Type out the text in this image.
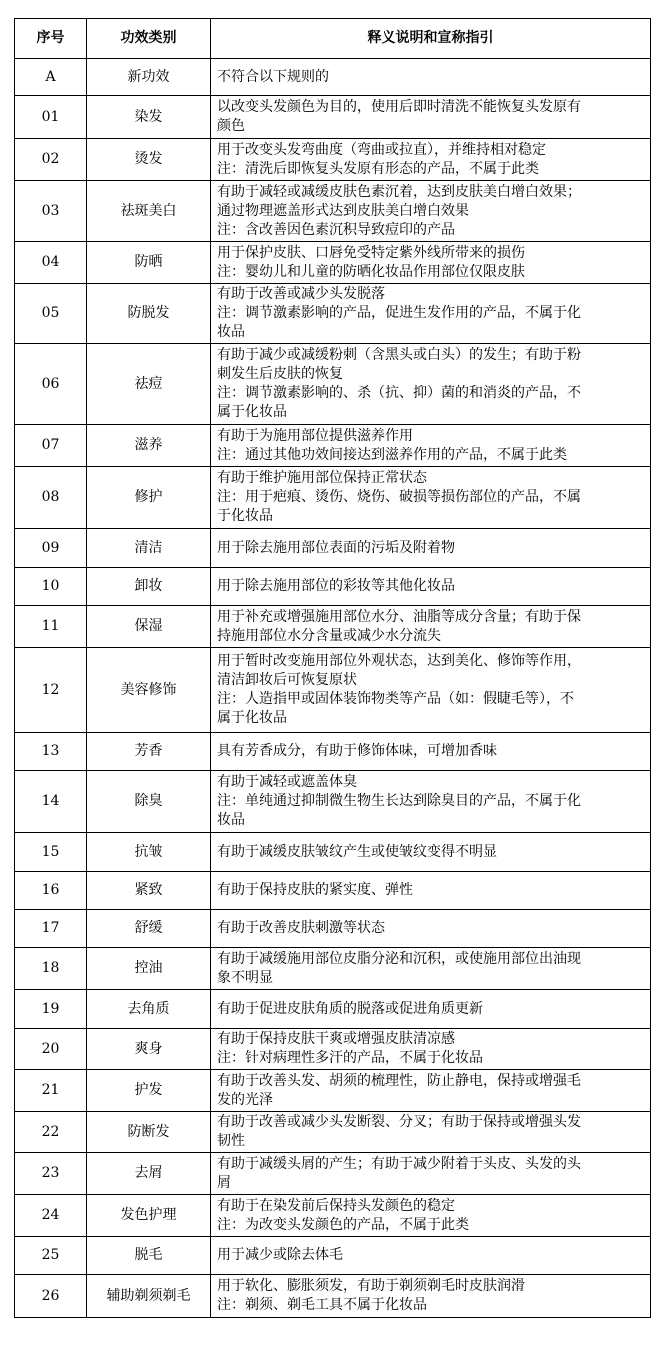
序号	功效类别	释义说明和宣称指引
A	新功效	不符合以下规则的

01	染发	以改变头发颜色为目的，使用后即时清洗不能恢复头发原有
颜色

02	烫发	用于改变头发弯曲度（弯曲或拉直），并维持相对稳定
注：清洗后即恢复头发原有形态的产品，不属于此类

03	祛斑美白	有助于减轻或减缓皮肤色素沉着，达到皮肤美白增白效果；
通过物理遮盖形式达到皮肤美白增白效果
注：含改善因色素沉积导致痘印的产品

04	防晒	用于保护皮肤、口唇免受特定紫外线所带来的损伤
注：婴幼儿和儿童的防晒化妆品作用部位仅限皮肤

05	防脱发	有助于改善或减少头发脱落
注：调节激素影响的产品，促进生发作用的产品，不属于化
妆品

06	祛痘	有助于减少或减缓粉刺（含黑头或白头）的发生；有助于粉
刺发生后皮肤的恢复
注：调节激素影响的、杀（抗、抑）菌的和消炎的产品，不
属于化妆品

07	滋养	有助于为施用部位提供滋养作用
注：通过其他功效间接达到滋养作用的产品，不属于此类

08	修护	有助于维护施用部位保持正常状态
注：用于疤痕、烫伤、烧伤、破损等损伤部位的产品，不属
于化妆品

09	清洁	用于除去施用部位表面的污垢及附着物

10	卸妆	用于除去施用部位的彩妆等其他化妆品

11	保湿	用于补充或增强施用部位水分、油脂等成分含量；有助于保
持施用部位水分含量或减少水分流失

12	美容修饰	用于暂时改变施用部位外观状态，达到美化、修饰等作用，
清洁卸妆后可恢复原状
注：人造指甲或固体装饰物类等产品（如：假睫毛等），不
属于化妆品

13	芳香	具有芳香成分，有助于修饰体味，可增加香味

14	除臭	有助于减轻或遮盖体臭
注：单纯通过抑制微生物生长达到除臭目的产品，不属于化
妆品

15	抗皱	有助于减缓皮肤皱纹产生或使皱纹变得不明显

16	紧致	有助于保持皮肤的紧实度、弹性

17	舒缓	有助于改善皮肤刺激等状态

18	控油	有助于减缓施用部位皮脂分泌和沉积，或使施用部位出油现
象不明显

19	去角质	有助于促进皮肤角质的脱落或促进角质更新

20	爽身	有助于保持皮肤干爽或增强皮肤清凉感
注：针对病理性多汗的产品，不属于化妆品

21	护发	有助于改善头发、胡须的梳理性，防止静电，保持或增强毛
发的光泽

22	防断发	有助于改善或减少头发断裂、分叉；有助于保持或增强头发
韧性

23	去屑	有助于减缓头屑的产生；有助于减少附着于头皮、头发的头
屑

24	发色护理	有助于在染发前后保持头发颜色的稳定
注：为改变头发颜色的产品，不属于此类

25	脱毛	用于减少或除去体毛

26	辅助剃须剃毛	用于软化、膨胀须发，有助于剃须剃毛时皮肤润滑
注：剃须、剃毛工具不属于化妆品
